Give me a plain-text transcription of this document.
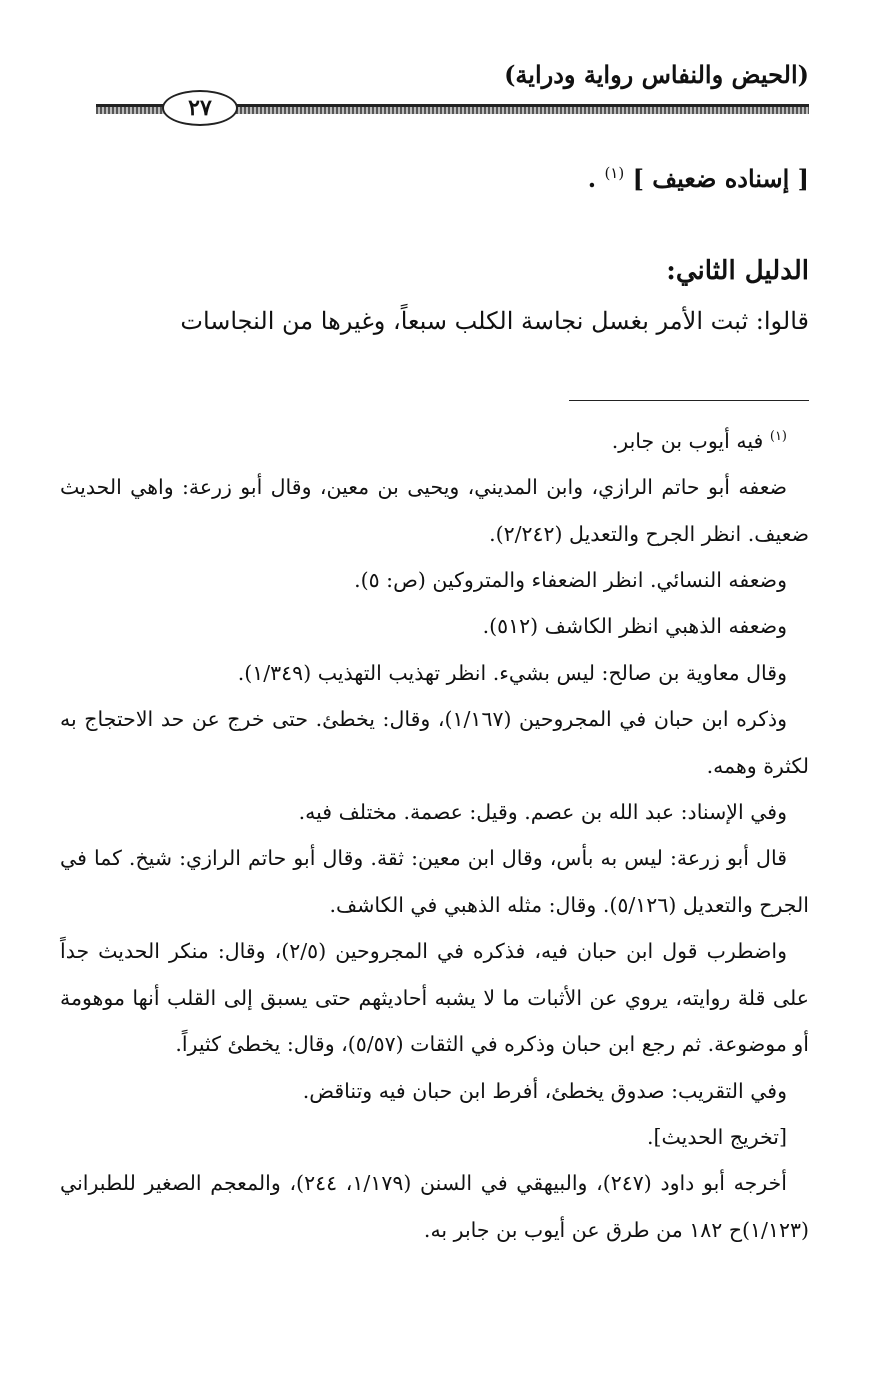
(الحيض والنفاس رواية ودراية)
٢٧

[ إسناده ضعيف ] $^{(١)}$ .

الدليل الثاني:

قالوا: ثبت الأمر بغسل نجاسة الكلب سبعاً، وغيرها من النجاسات

$^{(١)}$ فيه أيوب بن جابر.

ضعفه أبو حاتم الرازي، وابن المديني، ويحيى بن معين، وقال أبو زرعة: واهي الحديث ضعيف. انظر الجرح والتعديل (٢/٢٤٢).

وضعفه النسائي. انظر الضعفاء والمتروكين (ص: ٥).

وضعفه الذهبي انظر الكاشف (٥١٢).

وقال معاوية بن صالح: ليس بشيء. انظر تهذيب التهذيب (١/٣٤٩).

وذكره ابن حبان في المجروحين (١/١٦٧)، وقال: يخطئ. حتى خرج عن حد الاحتجاج به لكثرة وهمه.

وفي الإسناد: عبد الله بن عصم. وقيل: عصمة. مختلف فيه.

قال أبو زرعة: ليس به بأس، وقال ابن معين: ثقة. وقال أبو حاتم الرازي: شيخ. كما في الجرح والتعديل (٥/١٢٦). وقال: مثله الذهبي في الكاشف.

واضطرب قول ابن حبان فيه، فذكره في المجروحين (٢/٥)، وقال: منكر الحديث جداً على قلة روايته، يروي عن الأثبات ما لا يشبه أحاديثهم حتى يسبق إلى القلب أنها موهومة أو موضوعة. ثم رجع ابن حبان وذكره في الثقات (٥/٥٧)، وقال: يخطئ كثيراً.

وفي التقريب: صدوق يخطئ، أفرط ابن حبان فيه وتناقض.

[تخريج الحديث].

أخرجه أبو داود (٢٤٧)، والبيهقي في السنن (١/١٧٩، ٢٤٤)، والمعجم الصغير للطبراني (١/١٢٣)ح ١٨٢ من طرق عن أيوب بن جابر به.
